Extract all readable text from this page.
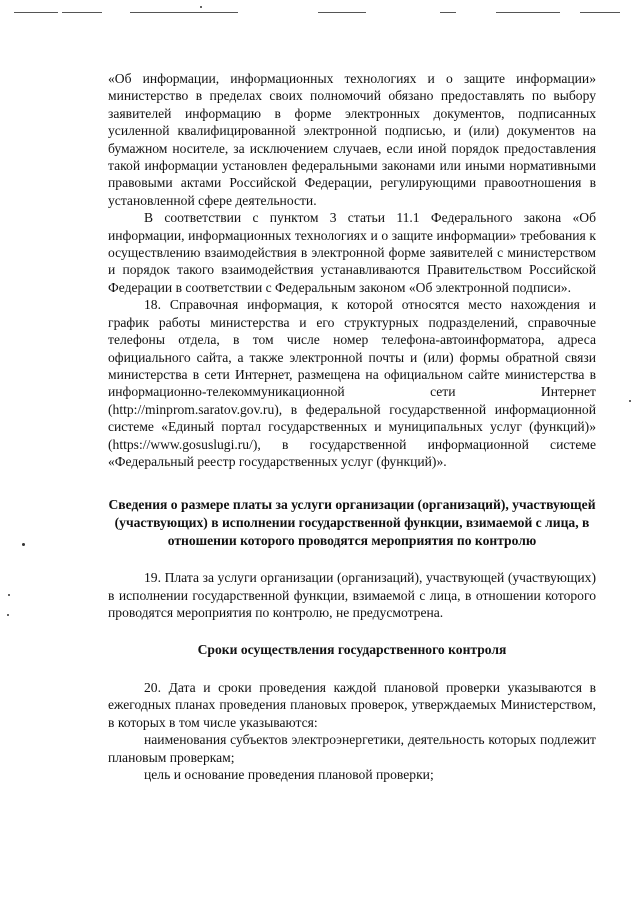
«Об информации, информационных технологиях и о защите информации» министерство в пределах своих полномочий обязано предоставлять по выбору заявителей информацию в форме электронных документов, подписанных усиленной квалифицированной электронной подписью, и (или) документов на бумажном носителе, за исключением случаев, если иной порядок предоставления такой информации установлен федеральными законами или иными нормативными правовыми актами Российской Федерации, регулирующими правоотношения в установленной сфере деятельности.

В соответствии с пунктом 3 статьи 11.1 Федерального закона «Об информации, информационных технологиях и о защите информации» требования к осуществлению взаимодействия в электронной форме заявителей с министерством и порядок такого взаимодействия устанавливаются Правительством Российской Федерации в соответствии с Федеральным законом «Об электронной подписи».

18. Справочная информация, к которой относятся место нахождения и график работы министерства и его структурных подразделений, справочные телефоны отдела, в том числе номер телефона-автоинформатора, адреса официального сайта, а также электронной почты и (или) формы обратной связи министерства в сети Интернет, размещена на официальном сайте министерства в информационно-телекоммуникационной сети Интернет (http://minprom.saratov.gov.ru), в федеральной государственной информационной системе «Единый портал государственных и муниципальных услуг (функций)» (https://www.gosuslugi.ru/), в государственной информационной системе «Федеральный реестр государственных услуг (функций)».

Сведения о размере платы за услуги организации (организаций), участвующей (участвующих) в исполнении государственной функции, взимаемой с лица, в отношении которого проводятся мероприятия по контролю

19. Плата за услуги организации (организаций), участвующей (участвующих) в исполнении государственной функции, взимаемой с лица, в отношении которого проводятся мероприятия по контролю, не предусмотрена.

Сроки осуществления государственного контроля

20. Дата и сроки проведения каждой плановой проверки указываются в ежегодных планах проведения плановых проверок, утверждаемых Министерством, в которых в том числе указываются:

наименования субъектов электроэнергетики, деятельность которых подлежит плановым проверкам;

цель и основание проведения плановой проверки;
